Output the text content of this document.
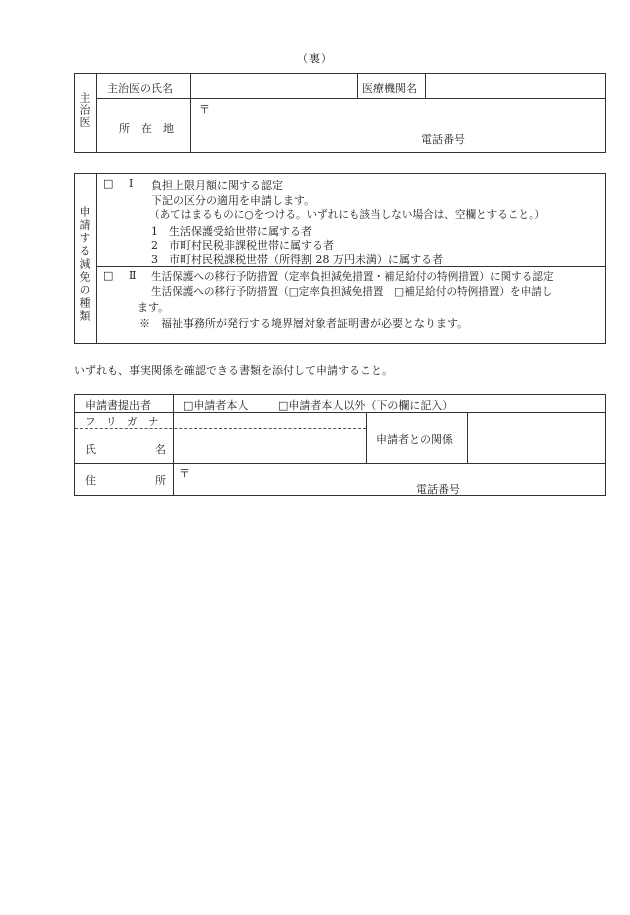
（裏）
主治医
主治医の氏名	医療機関名
所　在　地
〒
電話番号
申請する減免の種類
□ Ⅰ 負担上限月額に関する認定
下記の区分の適用を申請します。
（あてはまるものに○をつける。いずれにも該当しない場合は、空欄とすること。）
1　生活保護受給世帯に属する者
2　市町村民税非課税世帯に属する者
3　市町村民税課税世帯（所得割 28 万円未満）に属する者
□ Ⅱ 生活保護への移行予防措置（定率負担減免措置・補足給付の特例措置）に関する認定
生活保護への移行予防措置（□定率負担減免措置　□補足給付の特例措置）を申請し
ます。
※　福祉事務所が発行する境界層対象者証明書が必要となります。
いずれも、事実関係を確認できる書類を添付して申請すること。
申請書提出者	□申請者本人	□申請者本人以外（下の欄に記入）
フ　リ　ガ　ナ
氏	名
申請者との関係
住	所
〒
電話番号
